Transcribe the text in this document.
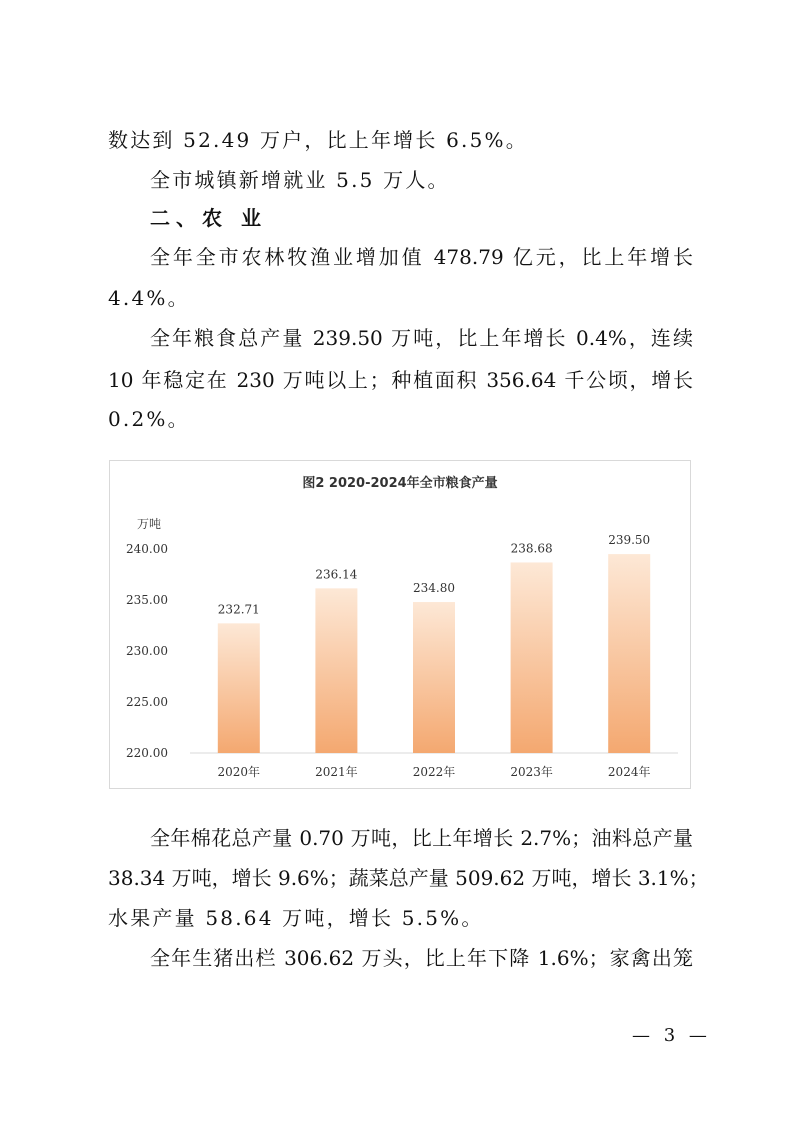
数达到 52.49 万户，比上年增长 6.5%。
全市城镇新增就业 5.5 万人。
二、农 业
全年全市农林牧渔业增加值 478.79 亿元，比上年增长
4.4%。
全年粮食总产量 239.50 万吨，比上年增长 0.4%，连续
10 年稳定在 230 万吨以上；种植面积 356.64 千公顷，增长
0.2%。
图2 2020-2024年全市粮食产量
万吨
220.00
225.00
230.00
235.00
240.00
232.71
2020年
236.14
2021年
234.80
2022年
238.68
2023年
239.50
2024年
全年棉花总产量 0.70 万吨，比上年增长 2.7%；油料总产量
38.34 万吨，增长 9.6%；蔬菜总产量 509.62 万吨，增长 3.1%；
水果产量 58.64 万吨，增长 5.5%。
全年生猪出栏 306.62 万头，比上年下降 1.6%；家禽出笼
— 3 —
